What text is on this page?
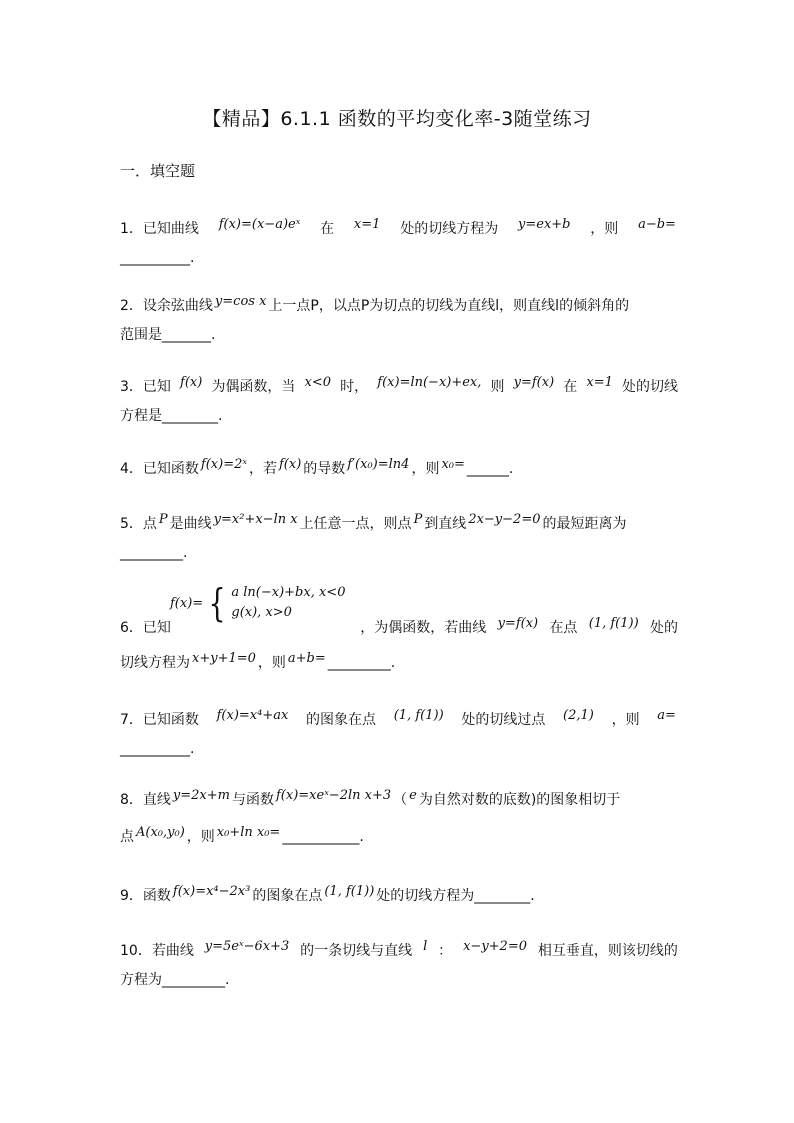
【精品】6.1.1 函数的平均变化率-3随堂练习
一．填空题
1．已知曲线 f(x)=(x−a)eˣ 在 x=1 处的切线方程为 y=ex+b ，则 a−b=
__________.
2．设余弦曲线 y=cos x 上一点P，以点P为切点的切线为直线l，则直线l的倾斜角的
范围是_______.
3．已知 f(x) 为偶函数，当 x<0 时， f(x)=ln(−x)+ex, 则 y=f(x) 在 x=1 处的切线
方程是________.
4．已知函数 f(x)=2ˣ ，若 f(x) 的导数 f′(x₀)=ln4 ，则 x₀= ______.
5．点 P 是曲线 y=x²+x−ln x 上任意一点，则点 P 到直线 2x−y−2=0 的最短距离为
_________.
f(x)= { a ln(−x)+bx, x<0
g(x), x>0
6．已知	，为偶函数，若曲线 y=f(x) 在点 (1, f(1)) 处的
切线方程为 x+y+1=0 ，则 a+b= _________.
7．已知函数 f(x)=x⁴+ax 的图象在点 (1, f(1)) 处的切线过点 (2,1) ，则 a=
__________.
8．直线 y=2x+m 与函数 f(x)=xeˣ−2ln x+3 （ e 为自然对数的底数)的图象相切于
点 A(x₀,y₀) ，则 x₀+ln x₀= ___________.
9．函数 f(x)=x⁴−2x³ 的图象在点 (1, f(1)) 处的切线方程为________.
10．若曲线 y=5eˣ−6x+3 的一条切线与直线 l ： x−y+2=0 相互垂直，则该切线的
方程为_________.
